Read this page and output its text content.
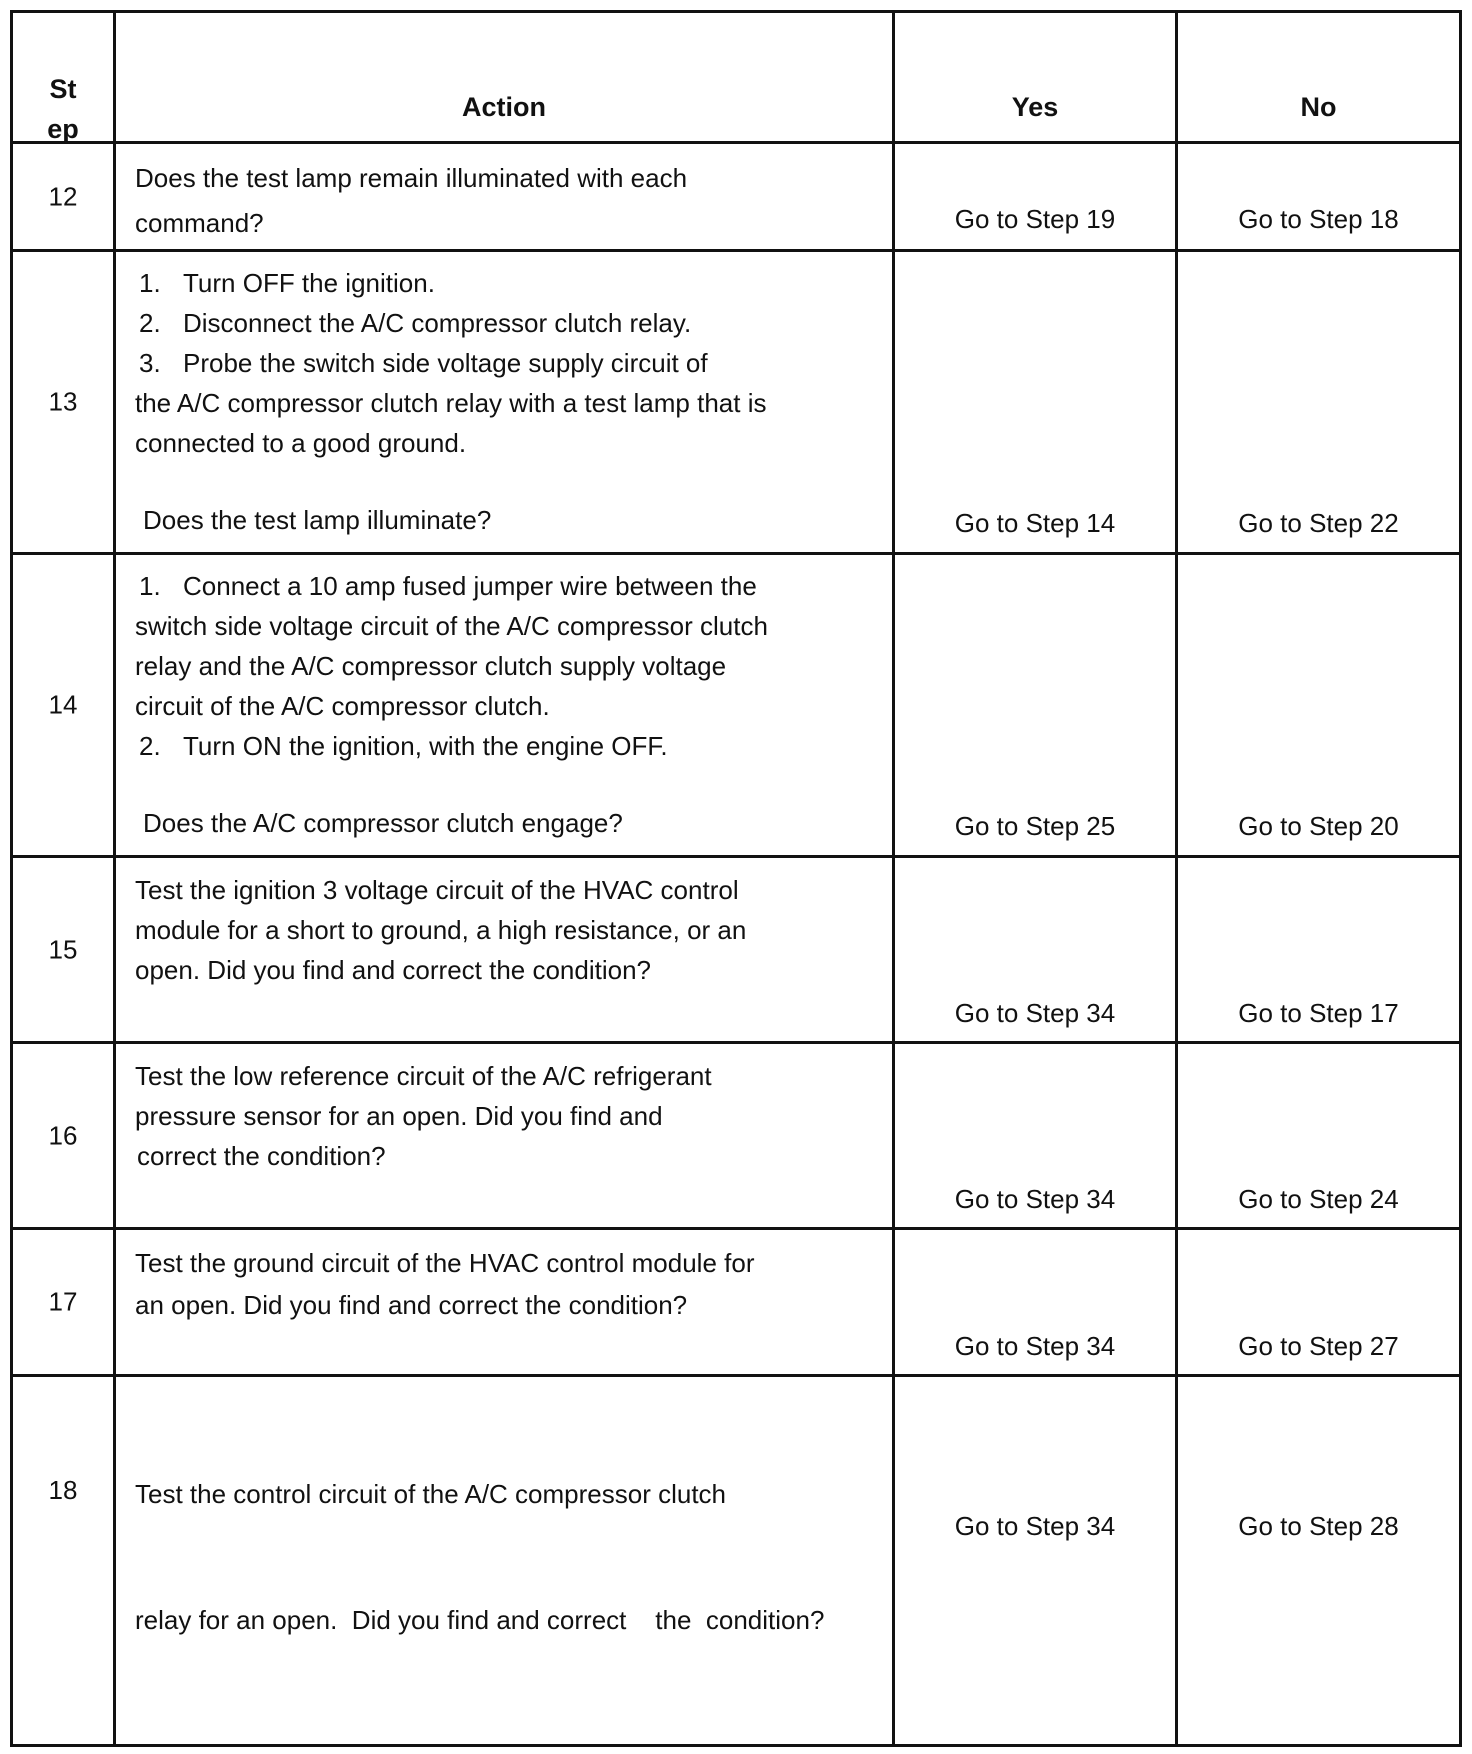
St
ep
Action	Yes	No
12
Does the test lamp remain illuminated with each
command?	Go to Step 19	Go to Step 18
13
1. Turn OFF the ignition.
2. Disconnect the A/C compressor clutch relay.
3. Probe the switch side voltage supply circuit of
the A/C compressor clutch relay with a test lamp that is
connected to a good ground.
Does the test lamp illuminate?	Go to Step 14	Go to Step 22
14
1. Connect a 10 amp fused jumper wire between the
switch side voltage circuit of the A/C compressor clutch
relay and the A/C compressor clutch supply voltage
circuit of the A/C compressor clutch.
2. Turn ON the ignition, with the engine OFF.
Does the A/C compressor clutch engage?	Go to Step 25	Go to Step 20
15
Test the ignition 3 voltage circuit of the HVAC control
module for a short to ground, a high resistance, or an
open. Did you find and correct the condition?
Go to Step 34	Go to Step 17
16
Test the low reference circuit of the A/C refrigerant
pressure sensor for an open. Did you find and
correct the condition?
Go to Step 34	Go to Step 24
17
Test the ground circuit of the HVAC control module for
an open. Did you find and correct the condition?
Go to Step 34	Go to Step 27
18

	Test the control circuit of the A/C compressor clutch

relay for an open.  Did you find and correct    the  condition?

Go to Step 34	Go to Step 28
